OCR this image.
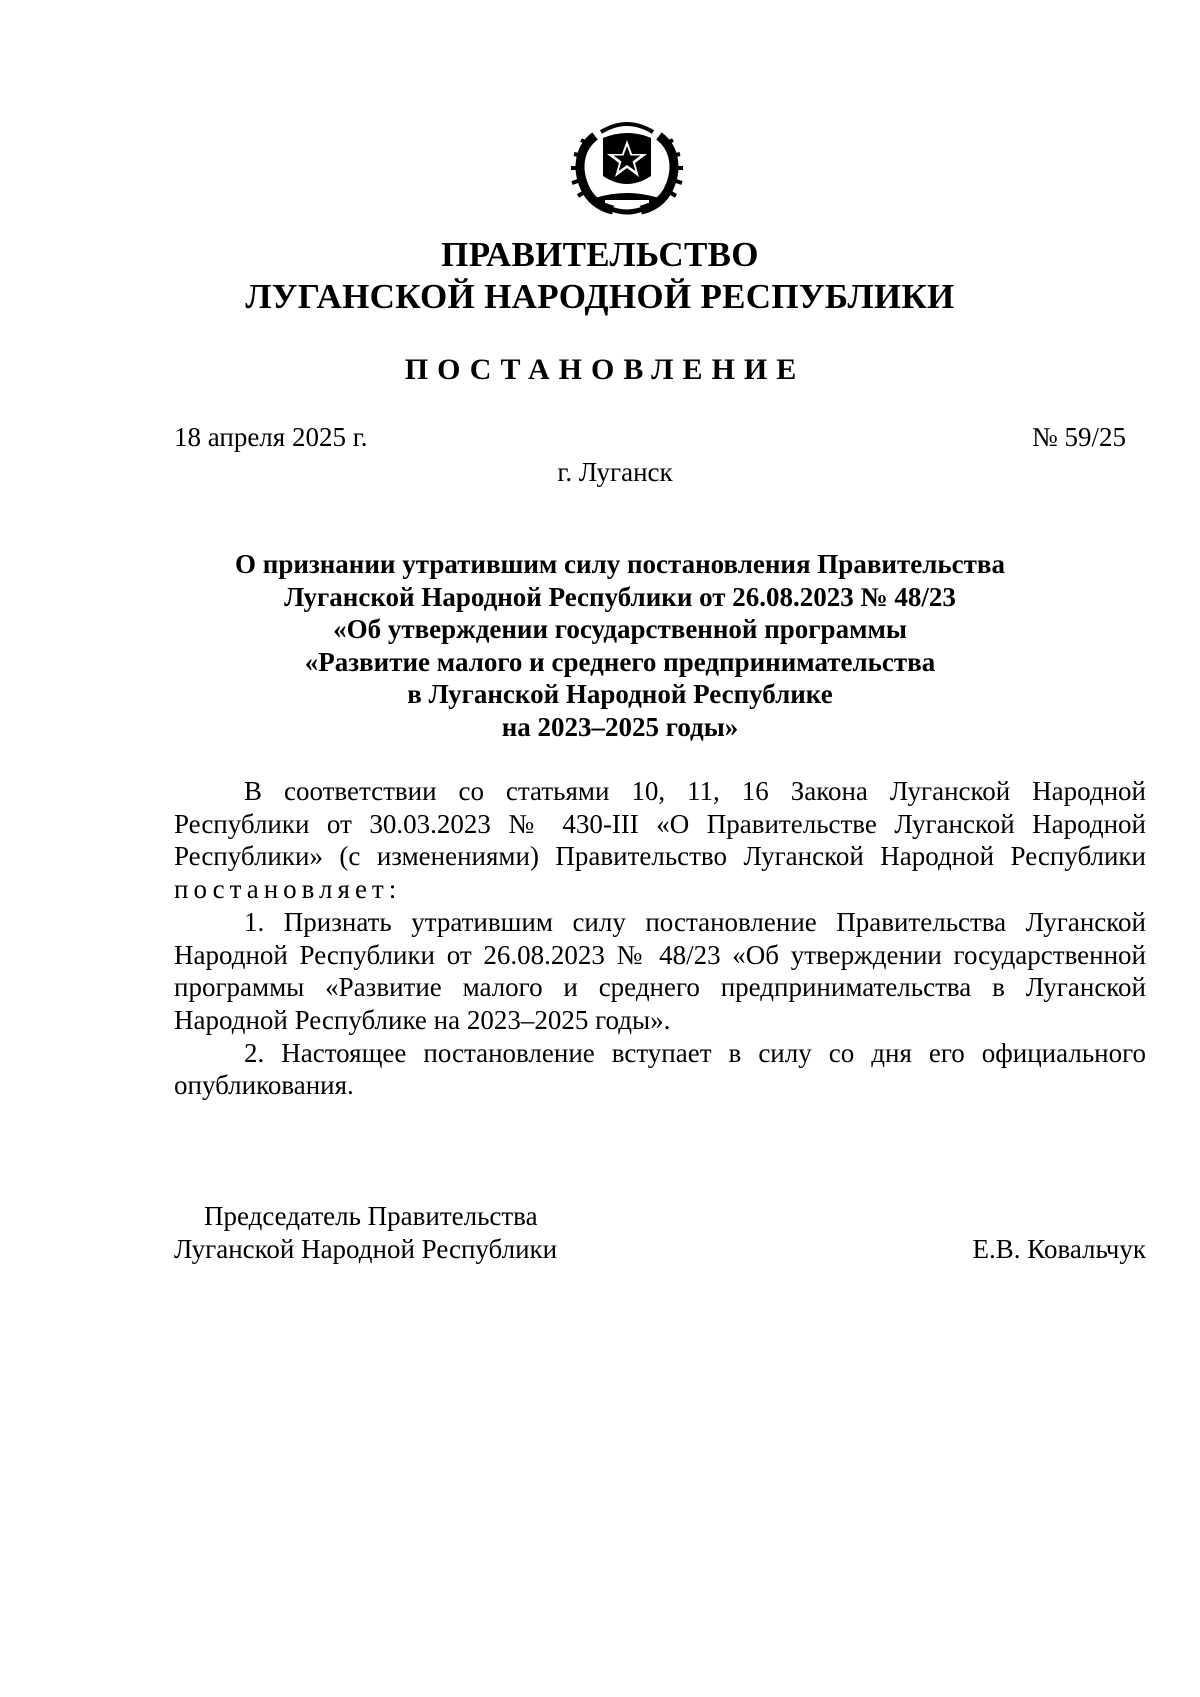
ПРАВИТЕЛЬСТВО
ЛУГАНСКОЙ НАРОДНОЙ РЕСПУБЛИКИ
ПОСТАНОВЛЕНИЕ
18 апреля 2025 г.	№ 59/25
г. Луганск
О признании утратившим силу постановления Правительства
Луганской Народной Республики от 26.08.2023 № 48/23
«Об утверждении государственной программы
«Развитие малого и среднего предпринимательства
в Луганской Народной Республике
на 2023–2025 годы»

В соответствии со статьями 10, 11, 16 Закона Луганской Народной Республики от 30.03.2023 № 430-III «О Правительстве Луганской Народной Республики» (с изменениями) Правительство Луганской Народной Республики постановляет:

1. Признать утратившим силу постановление Правительства Луганской Народной Республики от 26.08.2023 № 48/23 «Об утверждении государственной программы «Развитие малого и среднего предпринимательства в Луганской Народной Республике на 2023–2025 годы».

2. Настоящее постановление вступает в силу со дня его официального опубликования.

Председатель Правительства
Луганской Народной Республики	Е.В. Ковальчук
